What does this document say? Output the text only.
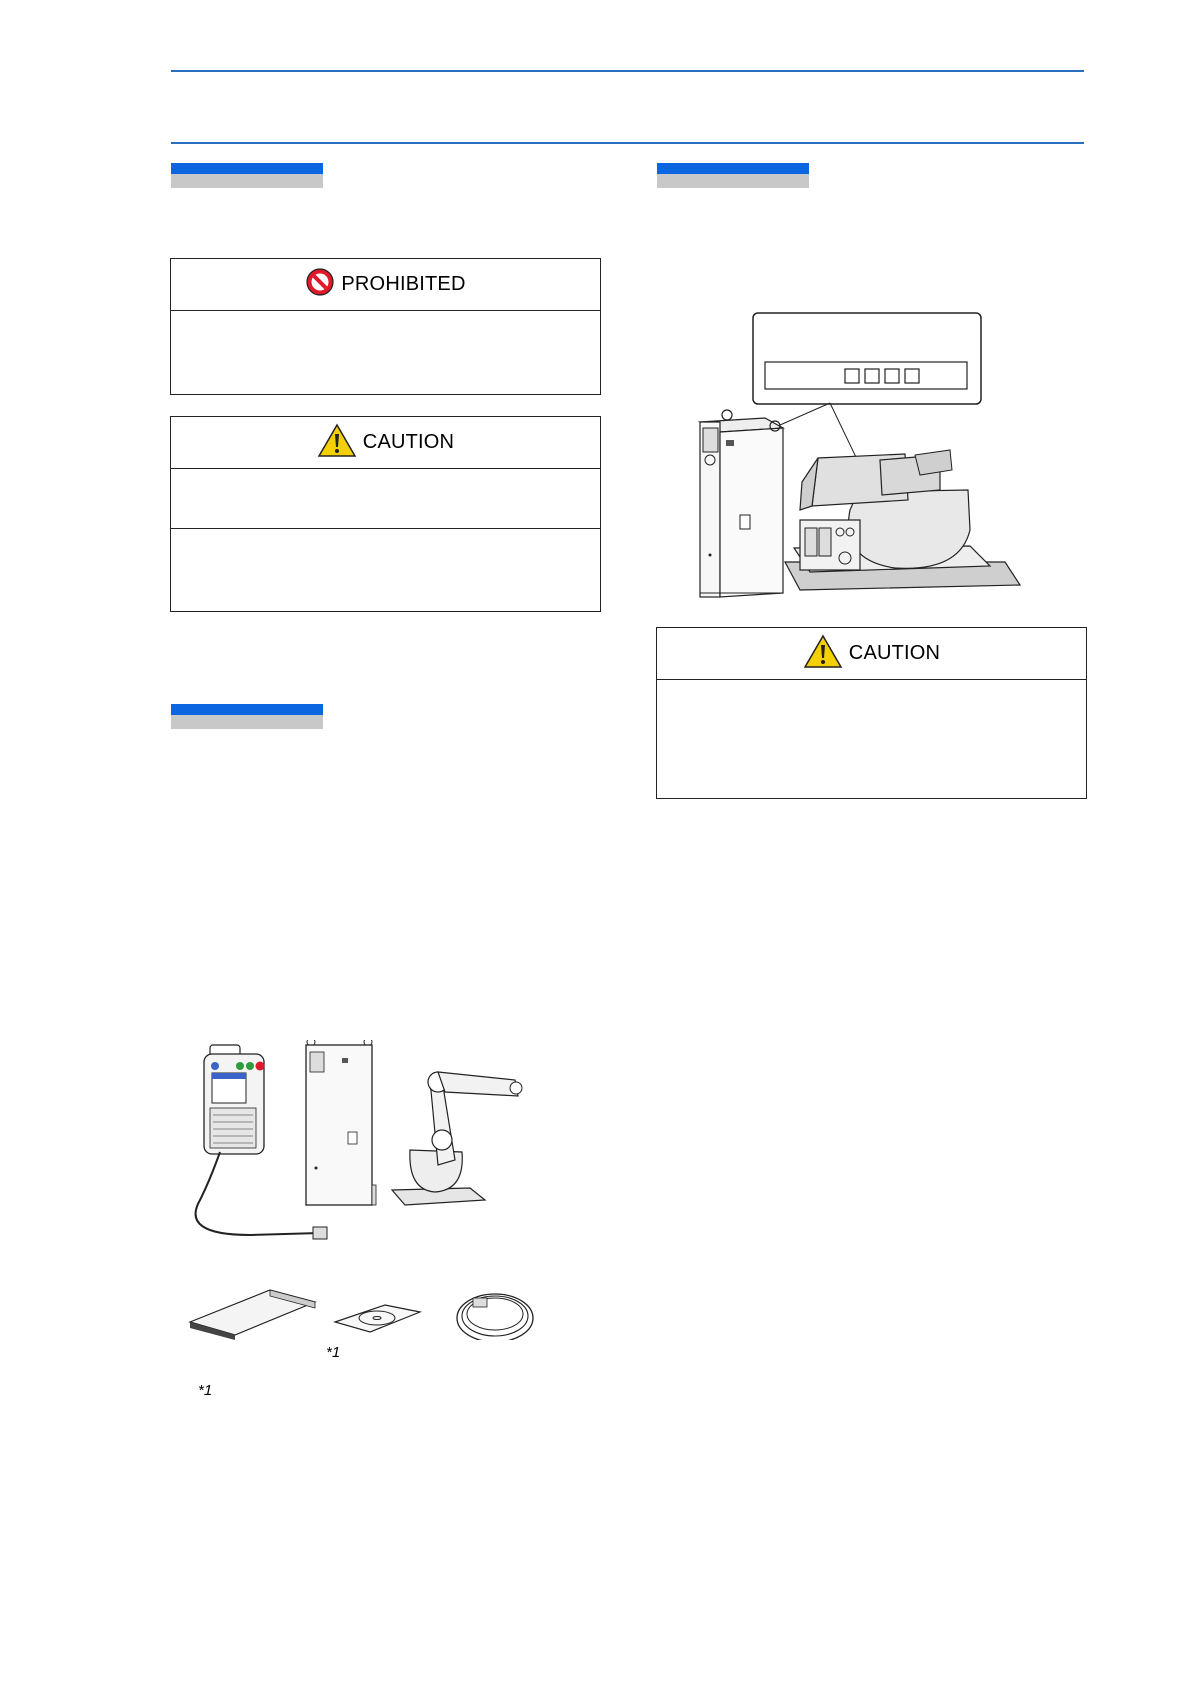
PROHIBITED
CAUTION
CAUTION
*1
*1
